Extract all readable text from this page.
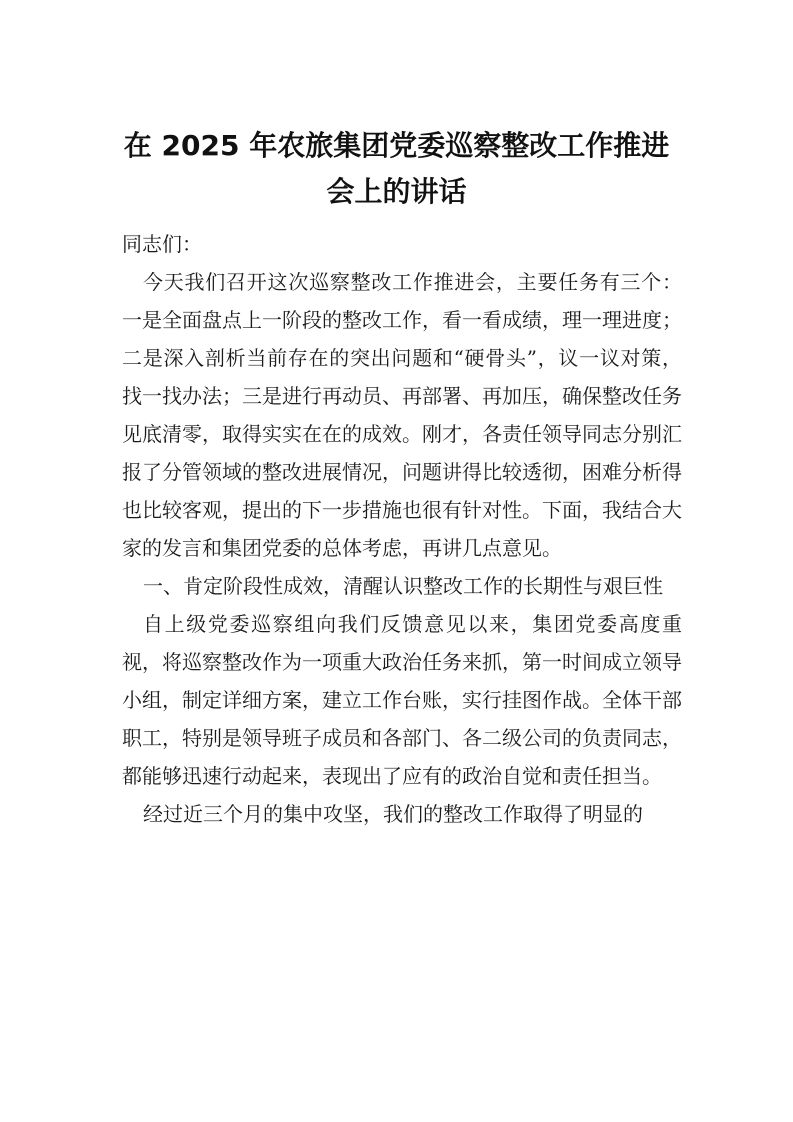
在 2025 年农旅集团党委巡察整改工作推进
会上的讲话

同志们：

今天我们召开这次巡察整改工作推进会，主要任务有三个：一是全面盘点上一阶段的整改工作，看一看成绩，理一理进度；二是深入剖析当前存在的突出问题和“硬骨头”，议一议对策，找一找办法；三是进行再动员、再部署、再加压，确保整改任务见底清零，取得实实在在的成效。刚才，各责任领导同志分别汇报了分管领域的整改进展情况，问题讲得比较透彻，困难分析得也比较客观，提出的下一步措施也很有针对性。下面，我结合大家的发言和集团党委的总体考虑，再讲几点意见。

一、肯定阶段性成效，清醒认识整改工作的长期性与艰巨性

自上级党委巡察组向我们反馈意见以来，集团党委高度重视，将巡察整改作为一项重大政治任务来抓，第一时间成立领导小组，制定详细方案，建立工作台账，实行挂图作战。全体干部职工，特别是领导班子成员和各部门、各二级公司的负责同志，都能够迅速行动起来，表现出了应有的政治自觉和责任担当。

经过近三个月的集中攻坚，我们的整改工作取得了明显的
